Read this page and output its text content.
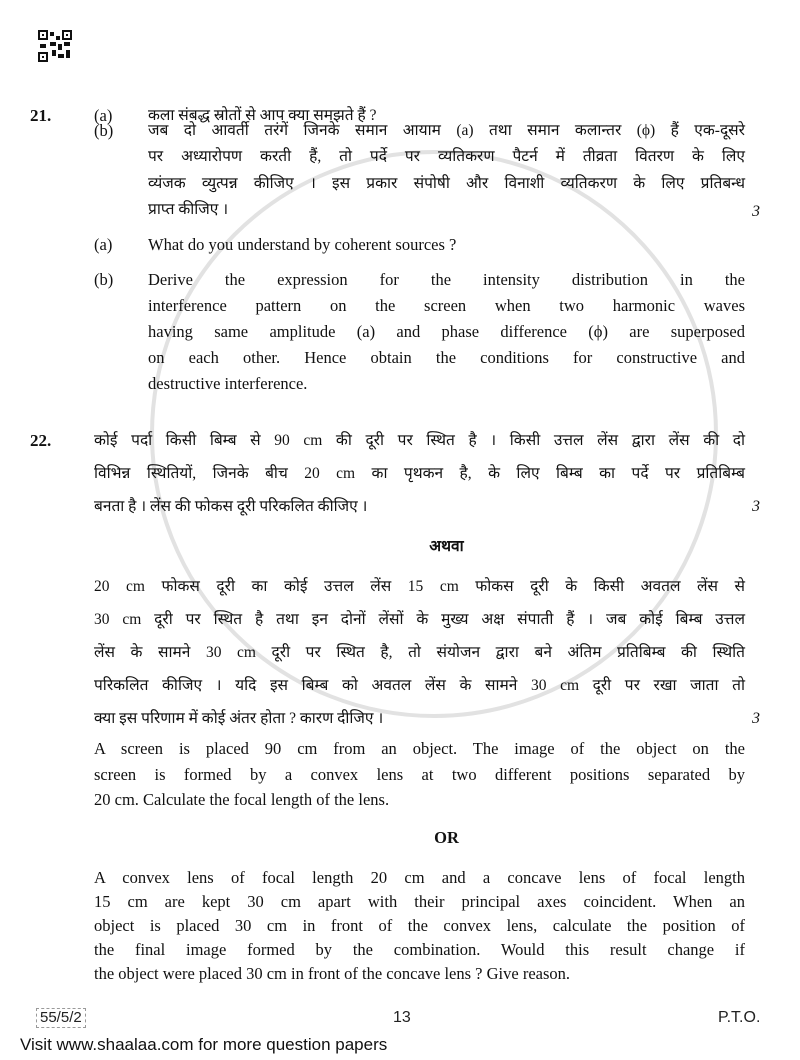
21.	(a) कला संबद्ध स्रोतों से आप क्या समझते हैं ?
(b) जब दो आवर्ती तरंगें जिनके समान आयाम (a) तथा समान कलान्तर (ϕ) हैं एक-दूसरे
पर अध्यारोपण करती हैं, तो पर्दे पर व्यतिकरण पैटर्न में तीव्रता वितरण के लिए
व्यंजक व्युत्पन्न कीजिए । इस प्रकार संपोषी और विनाशी व्यतिकरण के लिए प्रतिबन्ध
प्राप्त कीजिए ।	3
(a) What do you understand by coherent sources ?
(b) Derive the expression for the intensity distribution in the
interference pattern on the screen when two harmonic waves
having same amplitude (a) and phase difference (ϕ) are superposed
on each other. Hence obtain the conditions for constructive and
destructive interference.
22.	कोई पर्दा किसी बिम्ब से 90 cm की दूरी पर स्थित है । किसी उत्तल लेंस द्वारा लेंस की दो
विभिन्न स्थितियों, जिनके बीच 20 cm का पृथकन है, के लिए बिम्ब का पर्दे पर प्रतिबिम्ब
बनता है । लेंस की फोकस दूरी परिकलित कीजिए ।	3
अथवा
20 cm फोकस दूरी का कोई उत्तल लेंस 15 cm फोकस दूरी के किसी अवतल लेंस से
30 cm दूरी पर स्थित है तथा इन दोनों लेंसों के मुख्य अक्ष संपाती हैं । जब कोई बिम्ब उत्तल
लेंस के सामने 30 cm दूरी पर स्थित है, तो संयोजन द्वारा बने अंतिम प्रतिबिम्ब की स्थिति
परिकलित कीजिए । यदि इस बिम्ब को अवतल लेंस के सामने 30 cm दूरी पर रखा जाता तो
क्या इस परिणाम में कोई अंतर होता ? कारण दीजिए ।	3
A screen is placed 90 cm from an object. The image of the object on the
screen is formed by a convex lens at two different positions separated by
20 cm. Calculate the focal length of the lens.
OR
A convex lens of focal length 20 cm and a concave lens of focal length
15 cm are kept 30 cm apart with their principal axes coincident. When an
object is placed 30 cm in front of the convex lens, calculate the position of
the final image formed by the combination. Would this result change if
the object were placed 30 cm in front of the concave lens ? Give reason.
55/5/2	13	P.T.O.
Visit www.shaalaa.com for more question papers
